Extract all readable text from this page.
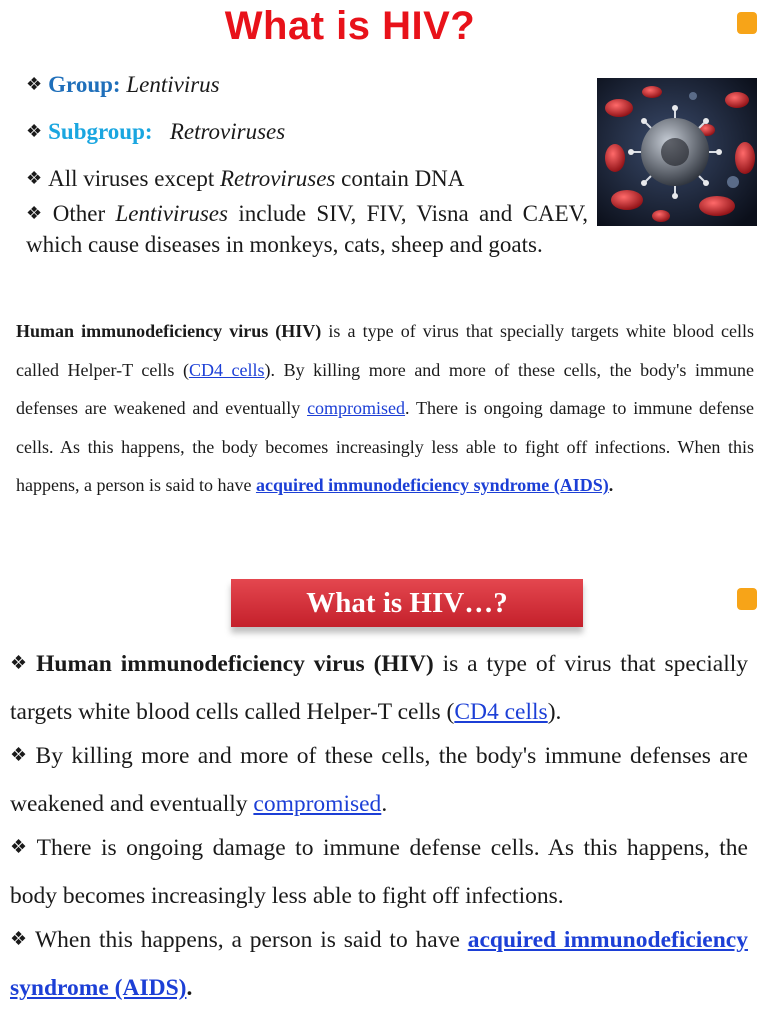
What is HIV?
❖ Group: Lentivirus
❖ Subgroup: Retroviruses
❖ All viruses except Retroviruses contain DNA
❖ Other Lentiviruses include SIV, FIV, Visna and CAEV, which cause diseases in monkeys, cats, sheep and goats.
Human immunodeficiency virus (HIV) is a type of virus that specially targets white blood cells called Helper-T cells (CD4 cells). By killing more and more of these cells, the body's immune defenses are weakened and eventually compromised. There is ongoing damage to immune defense cells. As this happens, the body becomes increasingly less able to fight off infections. When this happens, a person is said to have acquired immunodeficiency syndrome (AIDS).
What is HIV…?
❖ Human immunodeficiency virus (HIV) is a type of virus that specially targets white blood cells called Helper-T cells (CD4 cells).
❖ By killing more and more of these cells, the body's immune defenses are weakened and eventually compromised.
❖ There is ongoing damage to immune defense cells. As this happens, the body becomes increasingly less able to fight off infections.
❖ When this happens, a person is said to have acquired immunodeficiency syndrome (AIDS).
